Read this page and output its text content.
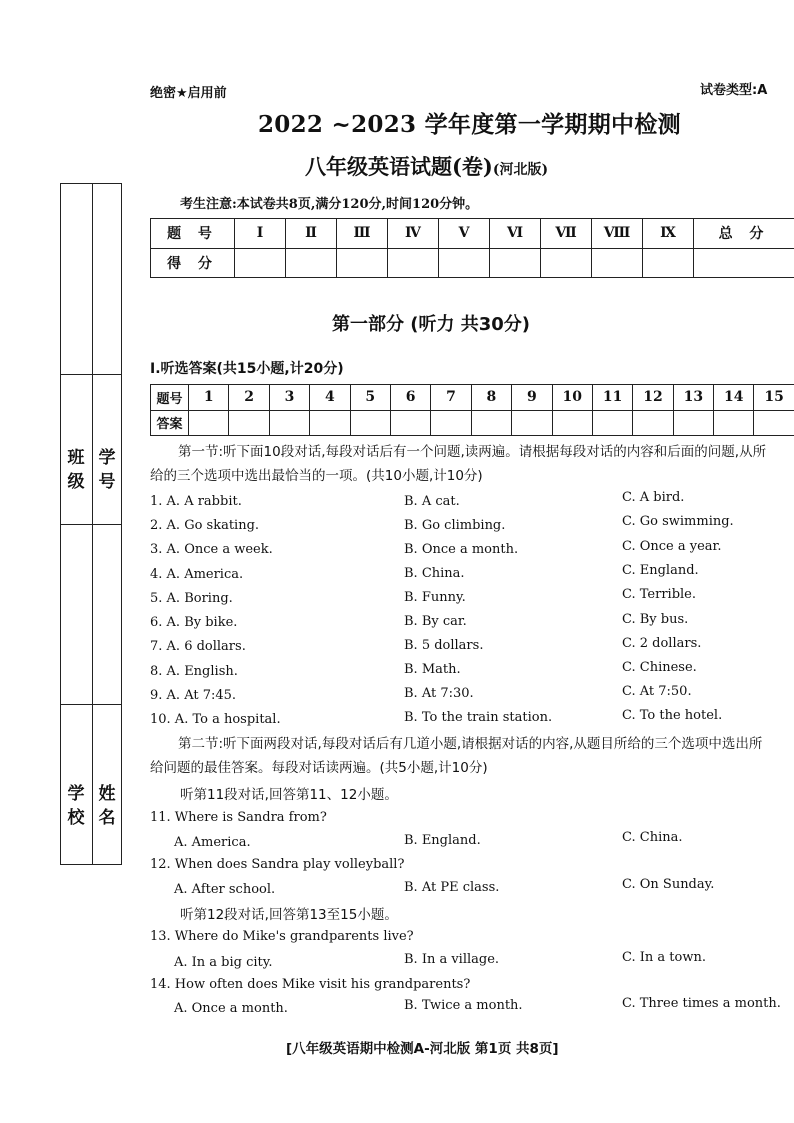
绝密★启用前	试卷类型:A
2022 ~2023 学年度第一学期期中检测
八年级英语试题(卷)(河北版)
考生注意:本试卷共8页,满分120分,时间120分钟。
班 级
学 号
学 校
姓 名
题 号	Ⅰ	Ⅱ	Ⅲ	Ⅳ	Ⅴ	Ⅵ	Ⅶ	Ⅷ	Ⅸ	总 分
得 分										
第一部分 (听力 共30分)
Ⅰ.听选答案(共15小题,计20分)
题号	1	2	3	4	5	6	7	8	9	10	11	12	13	14	15
答案															
第一节:听下面10段对话,每段对话后有一个问题,读两遍。请根据每段对话的内容和后面的问题,从所给的三个选项中选出最恰当的一项。(共10小题,计10分)
1. A. A rabbit.	B. A cat.	C. A bird.
2. A. Go skating.	B. Go climbing.	C. Go swimming.
3. A. Once a week.	B. Once a month.	C. Once a year.
4. A. America.	B. China.	C. England.
5. A. Boring.	B. Funny.	C. Terrible.
6. A. By bike.	B. By car.	C. By bus.
7. A. 6 dollars.	B. 5 dollars.	C. 2 dollars.
8. A. English.	B. Math.	C. Chinese.
9. A. At 7:45.	B. At 7:30.	C. At 7:50.
10. A. To a hospital.	B. To the train station.	C. To the hotel.
第二节:听下面两段对话,每段对话后有几道小题,请根据对话的内容,从题目所给的三个选项中选出所给问题的最佳答案。每段对话读两遍。(共5小题,计10分)
听第11段对话,回答第11、12小题。
11. Where is Sandra from?
A. America.	B. England.	C. China.
12. When does Sandra play volleyball?
A. After school.	B. At PE class.	C. On Sunday.
听第12段对话,回答第13至15小题。
13. Where do Mike's grandparents live?
A. In a big city.	B. In a village.	C. In a town.
14. How often does Mike visit his grandparents?
A. Once a month.	B. Twice a month.	C. Three times a month.
[八年级英语期中检测A-河北版 第1页 共8页]
